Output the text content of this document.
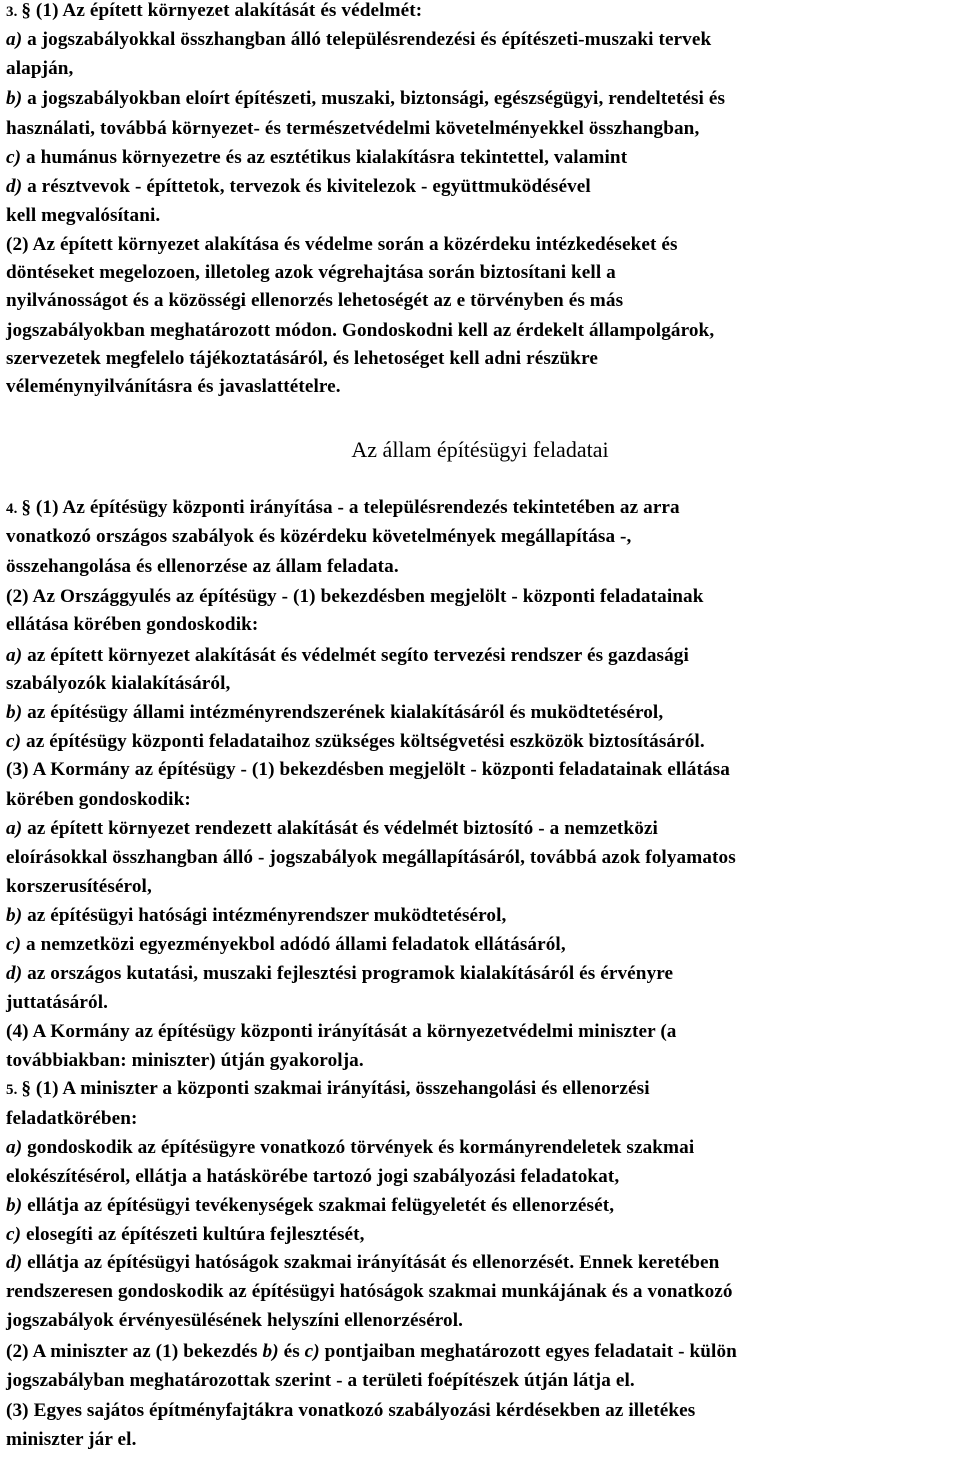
3. § (1) Az épített környezet alakítását és védelmét:
a) a jogszabályokkal összhangban álló településrendezési és építészeti-muszaki tervek
alapján,
b) a jogszabályokban eloírt építészeti, muszaki, biztonsági, egészségügyi, rendeltetési és
használati, továbbá környezet- és természetvédelmi követelményekkel összhangban,
c) a humánus környezetre és az esztétikus kialakításra tekintettel, valamint
d) a résztvevok - építtetok, tervezok és kivitelezok - együttmuködésével
kell megvalósítani.
(2) Az épített környezet alakítása és védelme során a közérdeku intézkedéseket és
döntéseket megelozoen, illetoleg azok végrehajtása során biztosítani kell a
nyilvánosságot és a közösségi ellenorzés lehetoségét az e törvényben és más
jogszabályokban meghatározott módon. Gondoskodni kell az érdekelt állampolgárok,
szervezetek megfelelo tájékoztatásáról, és lehetoséget kell adni részükre
véleménynyilvánításra és javaslattételre.
Az állam építésügyi feladatai
4. § (1) Az építésügy központi irányítása - a településrendezés tekintetében az arra
vonatkozó országos szabályok és közérdeku követelmények megállapítása -,
összehangolása és ellenorzése az állam feladata.
(2) Az Országgyulés az építésügy - (1) bekezdésben megjelölt - központi feladatainak
ellátása körében gondoskodik:
a) az épített környezet alakítását és védelmét segíto tervezési rendszer és gazdasági
szabályozók kialakításáról,
b) az építésügy állami intézményrendszerének kialakításáról és muködtetésérol,
c) az építésügy központi feladataihoz szükséges költségvetési eszközök biztosításáról.
(3) A Kormány az építésügy - (1) bekezdésben megjelölt - központi feladatainak ellátása
körében gondoskodik:
a) az épített környezet rendezett alakítását és védelmét biztosító - a nemzetközi
eloírásokkal összhangban álló - jogszabályok megállapításáról, továbbá azok folyamatos
korszerusítésérol,
b) az építésügyi hatósági intézményrendszer muködtetésérol,
c) a nemzetközi egyezményekbol adódó állami feladatok ellátásáról,
d) az országos kutatási, muszaki fejlesztési programok kialakításáról és érvényre
juttatásáról.
(4) A Kormány az építésügy központi irányítását a környezetvédelmi miniszter (a
továbbiakban: miniszter) útján gyakorolja.
5. § (1) A miniszter a központi szakmai irányítási, összehangolási és ellenorzési
feladatkörében:
a) gondoskodik az építésügyre vonatkozó törvények és kormányrendeletek szakmai
elokészítésérol, ellátja a hatáskörébe tartozó jogi szabályozási feladatokat,
b) ellátja az építésügyi tevékenységek szakmai felügyeletét és ellenorzését,
c) elosegíti az építészeti kultúra fejlesztését,
d) ellátja az építésügyi hatóságok szakmai irányítását és ellenorzését. Ennek keretében
rendszeresen gondoskodik az építésügyi hatóságok szakmai munkájának és a vonatkozó
jogszabályok érvényesülésének helyszíni ellenorzésérol.
(2) A miniszter az (1) bekezdés b) és c) pontjaiban meghatározott egyes feladatait - külön
jogszabályban meghatározottak szerint - a területi foépítészek útján látja el.
(3) Egyes sajátos építményfajtákra vonatkozó szabályozási kérdésekben az illetékes
miniszter jár el.
